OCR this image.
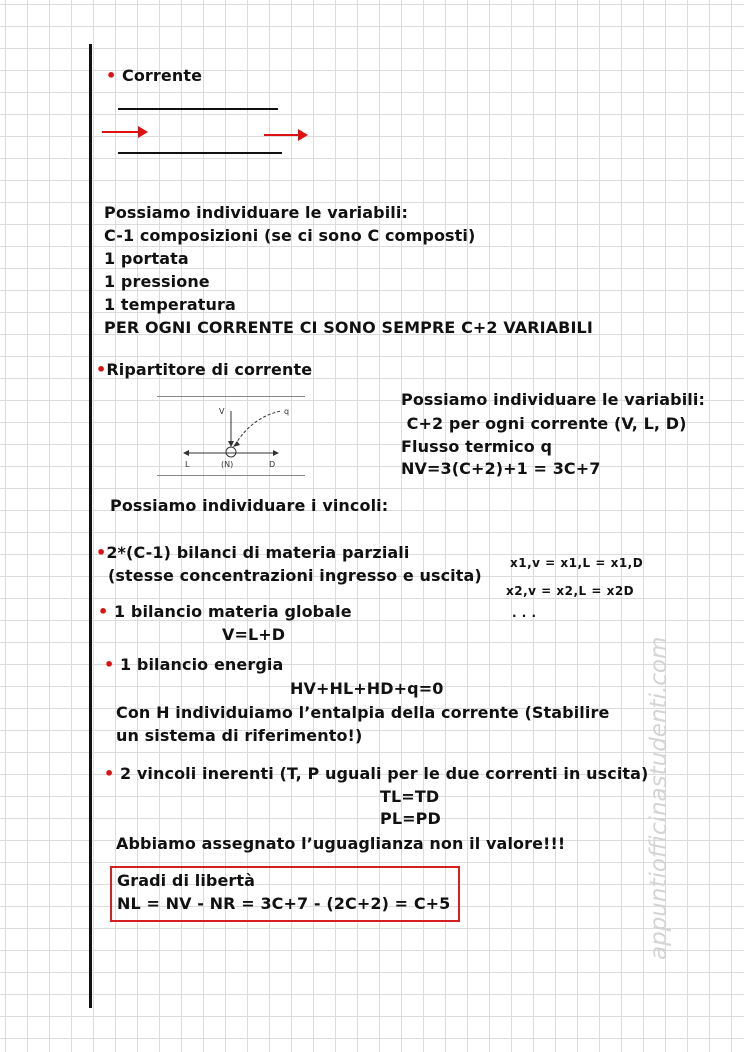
• Corrente
Possiamo individuare le variabili:
C-1 composizioni (se ci sono C composti)
1 portata
1 pressione
1 temperatura
PER OGNI CORRENTE CI SONO SEMPRE C+2 VARIABILI
•Ripartitore di corrente
V	q
L	(N)	D
Possiamo individuare le variabili:
C+2 per ogni corrente (V, L, D)
Flusso termico q
NV=3(C+2)+1 = 3C+7
Possiamo individuare i vincoli:
•2*(C-1) bilanci di materia parziali
(stesse concentrazioni ingresso e uscita)
x1,v = x1,L = x1,D
x2,v = x2,L = x2D
. . .
• 1 bilancio materia globale
V=L+D
• 1 bilancio energia
HV+HL+HD+q=0
Con H individuiamo l’entalpia della corrente (Stabilire
un sistema di riferimento!)
• 2 vincoli inerenti (T, P uguali per le due correnti in uscita)
TL=TD
PL=PD
Abbiamo assegnato l’uguaglianza non il valore!!!
Gradi di libertà
NL = NV - NR = 3C+7 - (2C+2) = C+5	appuntiofficinastudenti.com
